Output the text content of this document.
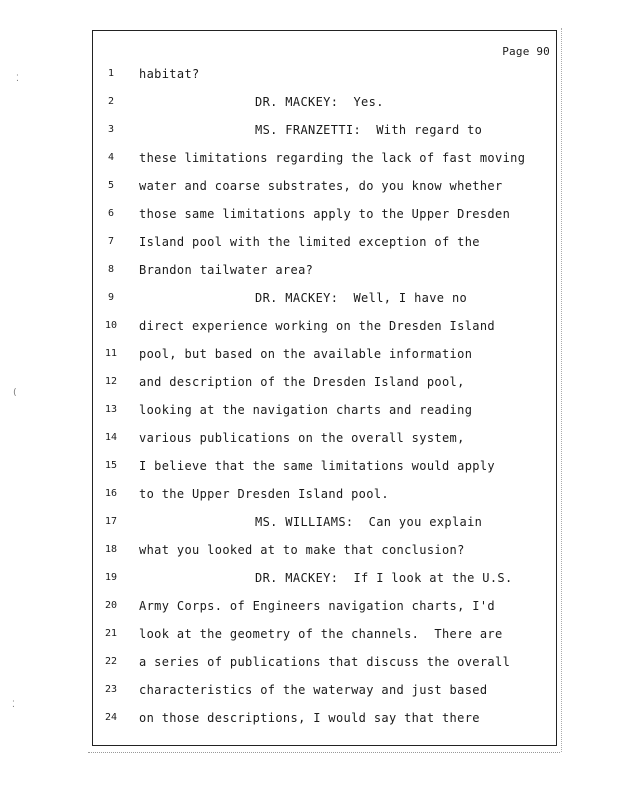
Page 90
1	habitat?
2	DR. MACKEY:  Yes.
3	MS. FRANZETTI:  With regard to
4	these limitations regarding the lack of fast moving
5	water and coarse substrates, do you know whether
6	those same limitations apply to the Upper Dresden
7	Island pool with the limited exception of the
8	Brandon tailwater area?
9	DR. MACKEY:  Well, I have no
10	direct experience working on the Dresden Island
11	pool, but based on the available information
12	and description of the Dresden Island pool,
13	looking at the navigation charts and reading
14	various publications on the overall system,
15	I believe that the same limitations would apply
16	to the Upper Dresden Island pool.
17	MS. WILLIAMS:  Can you explain
18	what you looked at to make that conclusion?
19	DR. MACKEY:  If I look at the U.S.
20	Army Corps. of Engineers navigation charts, I'd
21	look at the geometry of the channels.  There are
22	a series of publications that discuss the overall
23	characteristics of the waterway and just based
24	on those descriptions, I would say that there
⁚
(
⁚
